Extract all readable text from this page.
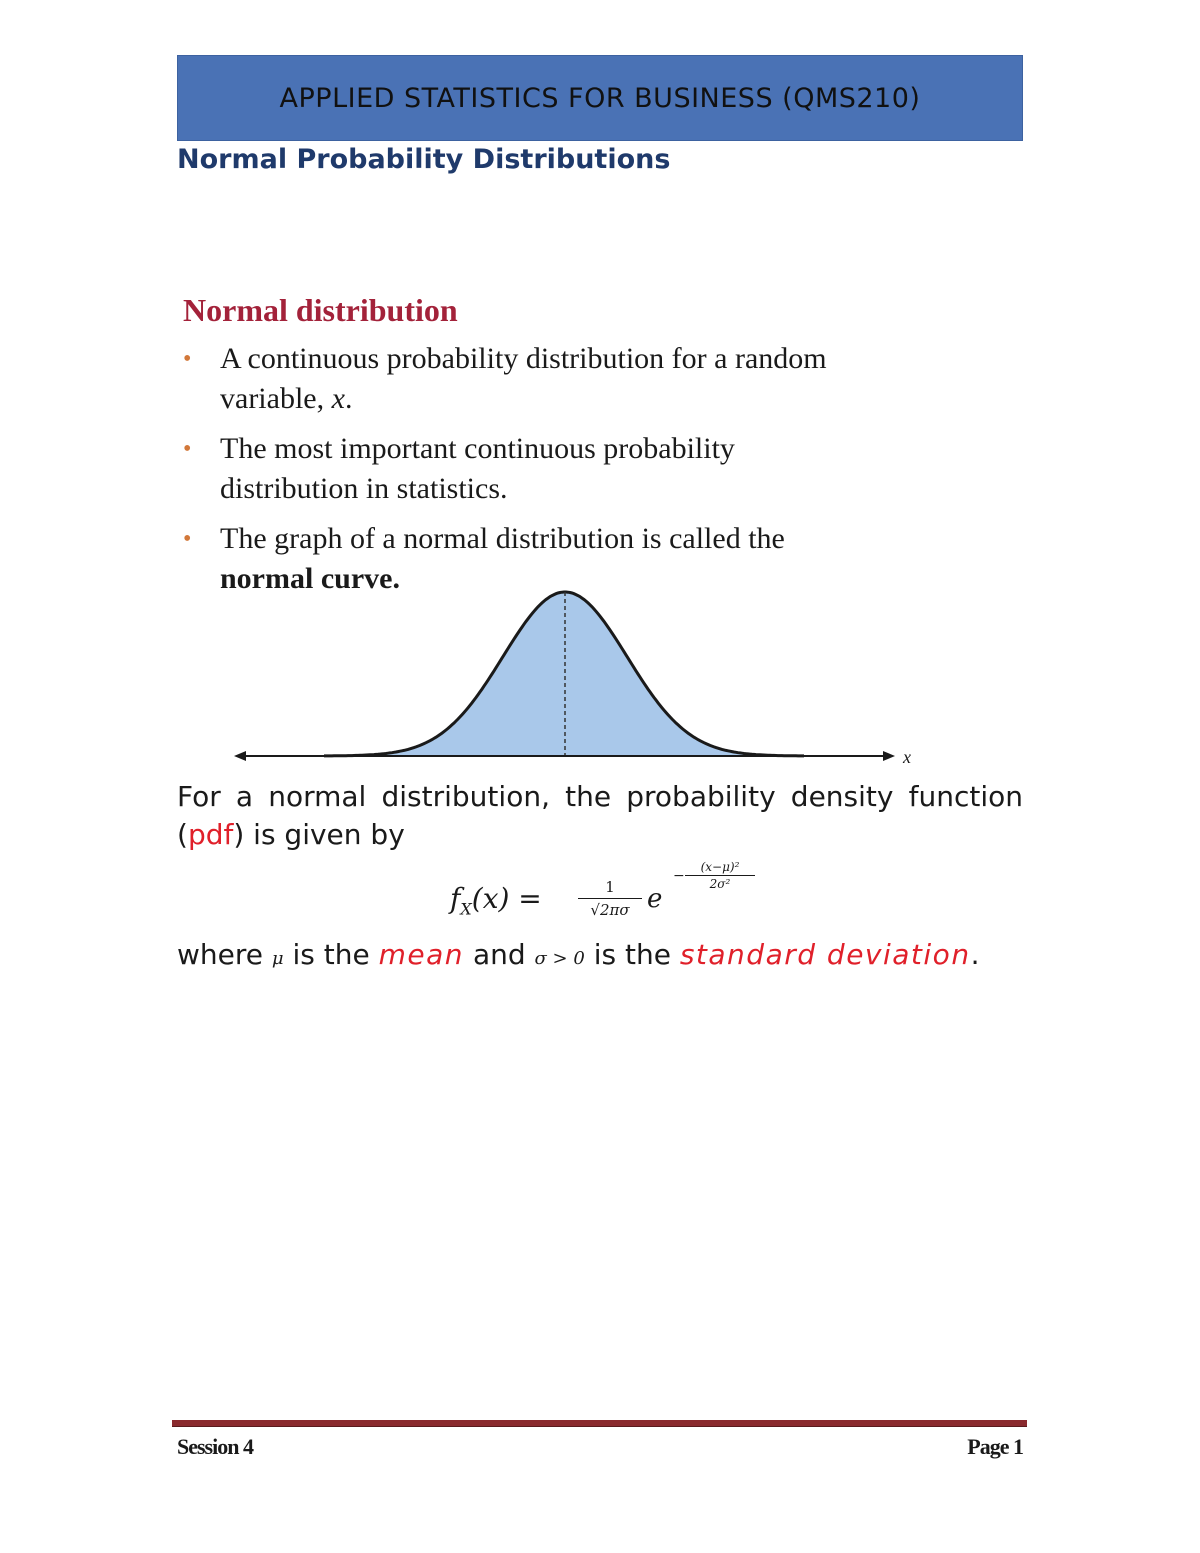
APPLIED STATISTICS FOR BUSINESS (QMS210)
Normal Probability Distributions
Normal distribution
• A continuous probability distribution for a random
variable, x.
• The most important continuous probability
distribution in statistics.
• The graph of a normal distribution is called the
normal curve.
x
For a normal distribution, the probability density function (pdf) is given by
$f_X(x) = \frac{1}{√2\pi\sigma}$ e
− $\frac{\text{(x−μ)²}}{\text{2σ²}}$
where μ is the mean and σ > 0 is the standard deviation.
Session 4	Page 1
